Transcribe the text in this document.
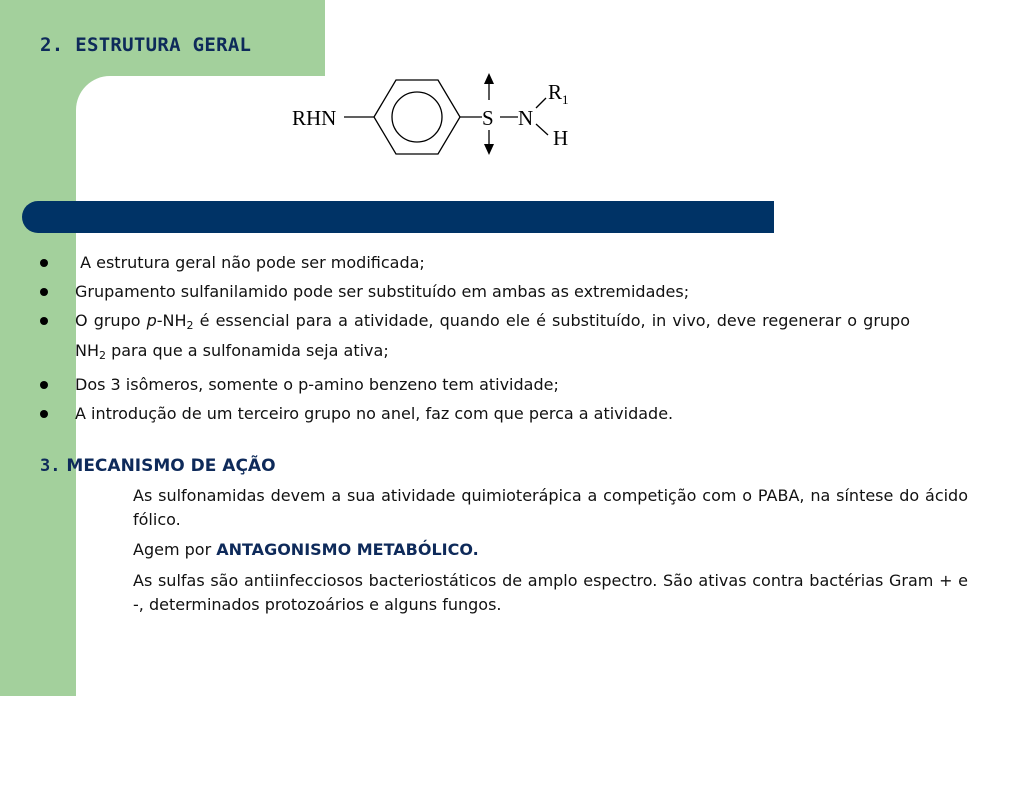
2. ESTRUTURA GERAL
RHN	S N
$R_1$
H
A estrutura geral não pode ser modificada;
Grupamento sulfanilamido pode ser substituído em ambas as extremidades;
O grupo $p-NH_2$ é essencial para a atividade, quando ele é substituído, in vivo, deve regenerar o grupo $NH_2$ para que a sulfonamida seja ativa;
Dos 3 isômeros, somente o p-amino benzeno tem atividade;
A introdução de um terceiro grupo no anel, faz com que perca a atividade.
3. MECANISMO DE AÇÃO

As sulfonamidas devem a sua atividade quimioterápica a competição com o PABA, na síntese do ácido fólico.

Agem por ANTAGONISMO METABÓLICO.

As sulfas são antiinfecciosos bacteriostáticos de amplo espectro. São ativas contra bactérias Gram + e -, determinados protozoários e alguns fungos.
